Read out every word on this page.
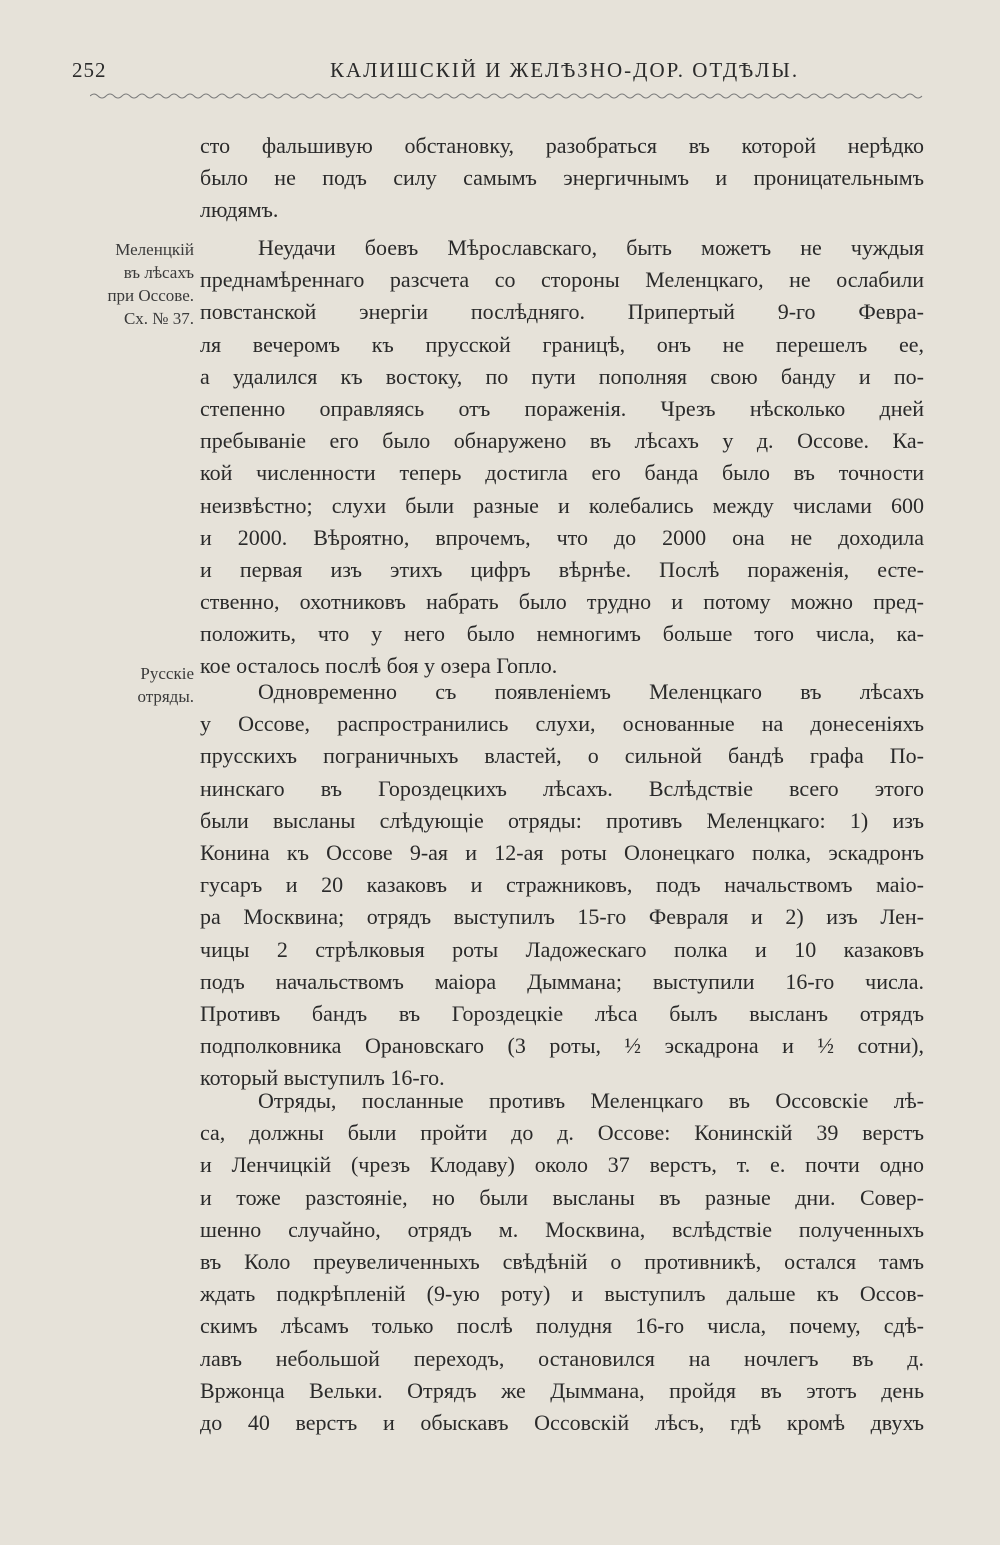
252	КАЛИШСКІЙ И ЖЕЛѢЗНО-ДОР. ОТДѢЛЫ.
Меленцкій
въ лѣсахъ
при Оссове.
Сх. № 37.
Русскіе
отряды.
сто фальшивую обстановку, разобраться въ которой нерѣдко
было не подъ силу самымъ энергичнымъ и проницательнымъ
людямъ.
Неудачи боевъ Мѣрославскаго, быть можетъ не чуждыя
преднамѣреннаго разсчета со стороны Меленцкаго, не ослабили
повстанской энергіи послѣдняго. Припертый 9-го Февра-
ля вечеромъ къ прусской границѣ, онъ не перешелъ ее,
а удалился къ востоку, по пути пополняя свою банду и по-
степенно оправляясь отъ пораженія. Чрезъ нѣсколько дней
пребываніе его было обнаружено въ лѣсахъ у д. Оссове. Ка-
кой численности теперь достигла его банда было въ точности
неизвѣстно; слухи были разные и колебались между числами 600
и 2000. Вѣроятно, впрочемъ, что до 2000 она не доходила
и первая изъ этихъ цифръ вѣрнѣе. Послѣ пораженія, есте-
ственно, охотниковъ набрать было трудно и потому можно пред-
положить, что у него было немногимъ больше того числа, ка-
кое осталось послѣ боя у озера Гопло.
Одновременно съ появленіемъ Меленцкаго въ лѣсахъ
у Оссове, распространились слухи, основанные на донесеніяхъ
прусскихъ пограничныхъ властей, о сильной бандѣ графа По-
нинскаго въ Гороздецкихъ лѣсахъ. Вслѣдствіе всего этого
были высланы слѣдующіе отряды: противъ Меленцкаго: 1) изъ
Конина къ Оссове 9-ая и 12-ая роты Олонецкаго полка, эскадронъ
гусаръ и 20 казаковъ и стражниковъ, подъ начальствомъ маіо-
ра Москвина; отрядъ выступилъ 15-го Февраля и 2) изъ Лен-
чицы 2 стрѣлковыя роты Ладожескаго полка и 10 казаковъ
подъ начальствомъ маіора Дыммана; выступили 16-го числа.
Противъ бандъ въ Гороздецкіе лѣса былъ высланъ отрядъ
подполковника Орановскаго (3 роты, ½ эскадрона и ½ сотни),
который выступилъ 16-го.
Отряды, посланные противъ Меленцкаго въ Оссовскіе лѣ-
са, должны были пройти до д. Оссове: Конинскій 39 верстъ
и Ленчицкій (чрезъ Клодаву) около 37 верстъ, т. е. почти одно
и тоже разстояніе, но были высланы въ разные дни. Совер-
шенно случайно, отрядъ м. Москвина, вслѣдствіе полученныхъ
въ Коло преувеличенныхъ свѣдѣній о противникѣ, остался тамъ
ждать подкрѣпленій (9-ую роту) и выступилъ дальше къ Оссов-
скимъ лѣсамъ только послѣ полудня 16-го числа, почему, сдѣ-
лавъ небольшой переходъ, остановился на ночлегъ въ д.
Вржонца Вельки. Отрядъ же Дыммана, пройдя въ этотъ день
до 40 верстъ и обыскавъ Оссовскій лѣсъ, гдѣ кромѣ двухъ
